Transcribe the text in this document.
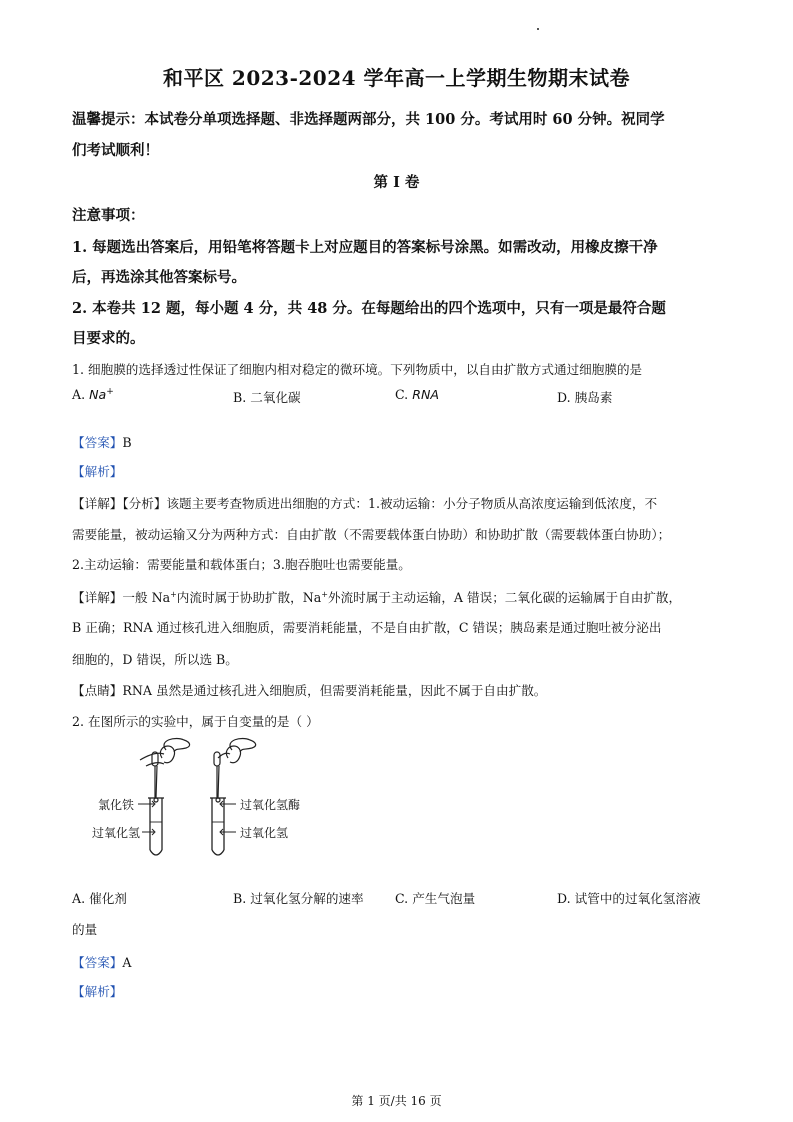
和平区 2023-2024 学年高一上学期生物期末试卷
温馨提示：本试卷分单项选择题、非选择题两部分，共 100 分。考试用时 60 分钟。祝同学
们考试顺利！
第 I 卷
注意事项：
1. 每题选出答案后，用铅笔将答题卡上对应题目的答案标号涂黑。如需改动，用橡皮擦干净
后，再选涂其他答案标号。
2. 本卷共 12 题，每小题 4 分，共 48 分。在每题给出的四个选项中，只有一项是最符合题
目要求的。
1. 细胞膜的选择透过性保证了细胞内相对稳定的微环境。下列物质中，以自由扩散方式通过细胞膜的是
A. Na+	B. 二氧化碳	C. RNA	D. 胰岛素
【答案】B
【解析】
【详解】【分析】该题主要考查物质进出细胞的方式：1.被动运输：小分子物质从高浓度运输到低浓度，不
需要能量，被动运输又分为两种方式：自由扩散（不需要载体蛋白协助）和协助扩散（需要载体蛋白协助）；
2.主动运输：需要能量和载体蛋白；3.胞吞胞吐也需要能量。
【详解】一般 Na+内流时属于协助扩散，Na+外流时属于主动运输，A 错误；二氧化碳的运输属于自由扩散，
B 正确；RNA 通过核孔进入细胞质，需要消耗能量，不是自由扩散，C 错误；胰岛素是通过胞吐被分泌出
细胞的，D 错误，所以选 B。
【点睛】RNA 虽然是通过核孔进入细胞质，但需要消耗能量，因此不属于自由扩散。
2. 在图所示的实验中，属于自变量的是（ ）
氯化铁
过氧化氢
过氧化氢酶
过氧化氢
A. 催化剂	B. 过氧化氢分解的速率 C. 产生气泡量	D. 试管中的过氧化氢溶液
的量
【答案】A
【解析】
第 1 页/共 16 页
